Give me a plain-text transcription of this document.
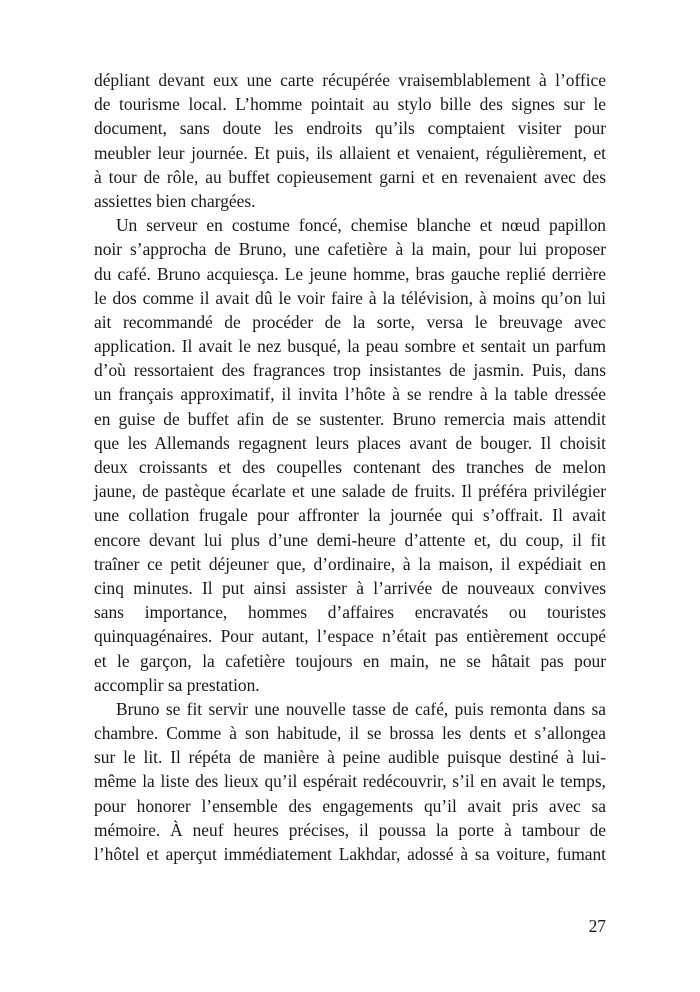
dépliant devant eux une carte récupérée vraisemblablement à l’office
de tourisme local. L’homme pointait au stylo bille des signes sur le
document, sans doute les endroits qu’ils comptaient visiter pour
meubler leur journée. Et puis, ils allaient et venaient, régulièrement, et
à tour de rôle, au buffet copieusement garni et en revenaient avec des
assiettes bien chargées.
Un serveur en costume foncé, chemise blanche et nœud papillon
noir s’approcha de Bruno, une cafetière à la main, pour lui proposer
du café. Bruno acquiesça. Le jeune homme, bras gauche replié derrière
le dos comme il avait dû le voir faire à la télévision, à moins qu’on lui
ait recommandé de procéder de la sorte, versa le breuvage avec
application. Il avait le nez busqué, la peau sombre et sentait un parfum
d’où ressortaient des fragrances trop insistantes de jasmin. Puis, dans
un français approximatif, il invita l’hôte à se rendre à la table dressée
en guise de buffet afin de se sustenter. Bruno remercia mais attendit
que les Allemands regagnent leurs places avant de bouger. Il choisit
deux croissants et des coupelles contenant des tranches de melon
jaune, de pastèque écarlate et une salade de fruits. Il préféra privilégier
une collation frugale pour affronter la journée qui s’offrait. Il avait
encore devant lui plus d’une demi-heure d’attente et, du coup, il fit
traîner ce petit déjeuner que, d’ordinaire, à la maison, il expédiait en
cinq minutes. Il put ainsi assister à l’arrivée de nouveaux convives
sans importance, hommes d’affaires encravatés ou touristes
quinquagénaires. Pour autant, l’espace n’était pas entièrement occupé
et le garçon, la cafetière toujours en main, ne se hâtait pas pour
accomplir sa prestation.
Bruno se fit servir une nouvelle tasse de café, puis remonta dans sa
chambre. Comme à son habitude, il se brossa les dents et s’allongea
sur le lit. Il répéta de manière à peine audible puisque destiné à lui-
même la liste des lieux qu’il espérait redécouvrir, s’il en avait le temps,
pour honorer l’ensemble des engagements qu’il avait pris avec sa
mémoire. À neuf heures précises, il poussa la porte à tambour de
l’hôtel et aperçut immédiatement Lakhdar, adossé à sa voiture, fumant
27
